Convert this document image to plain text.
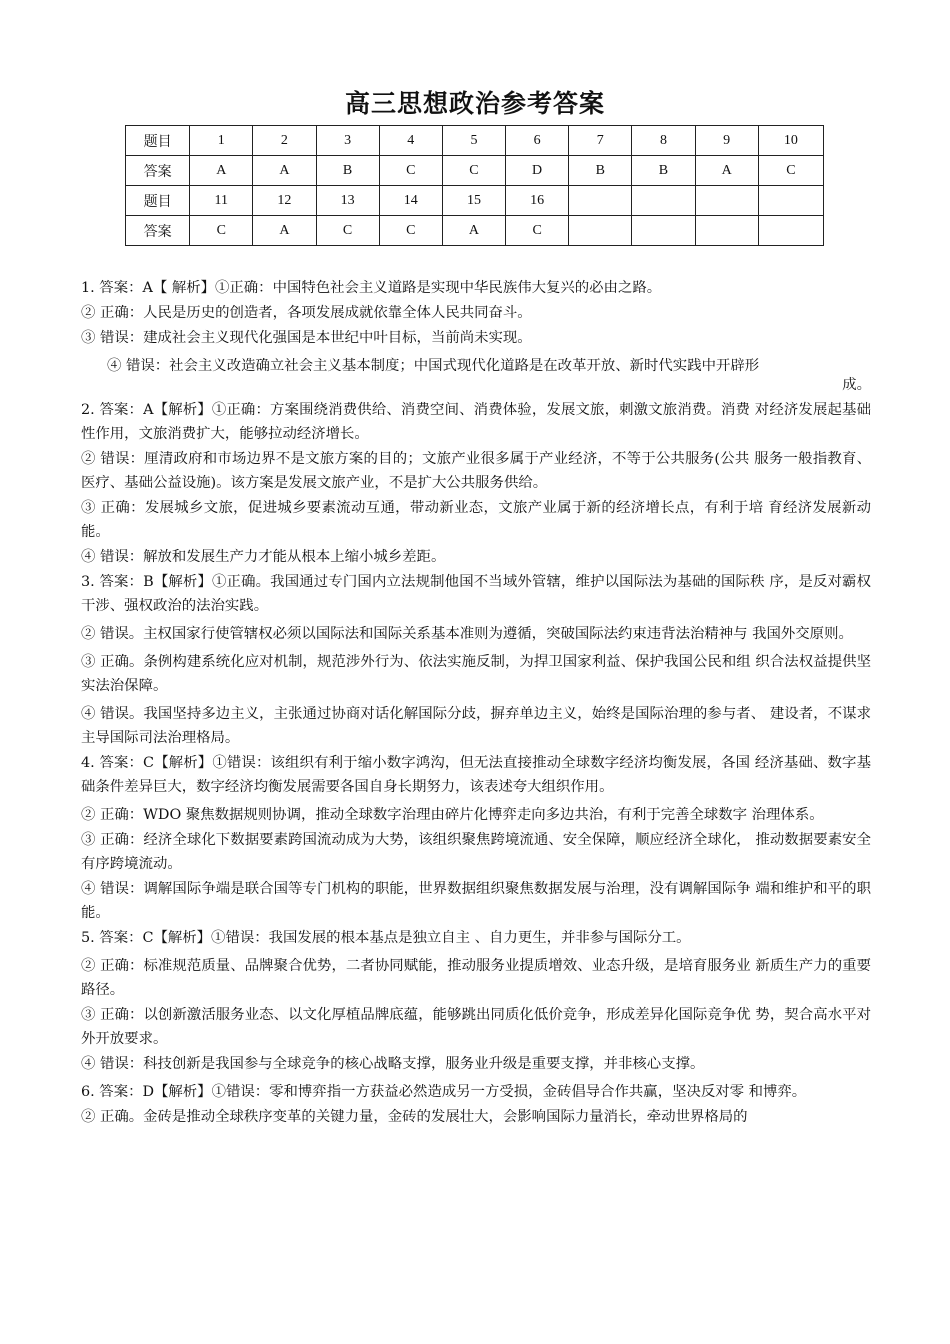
高三思想政治参考答案
题目	1	2	3	4	5	6	7	8	9	10
答案	A	A	B	C	C	D	B	B	A	C
题目	11	12	13	14	15	16				
答案	C	A	C	C	A	C				

1. 答案：A【 解析】①正确：中国特色社会主义道路是实现中华民族伟大复兴的必由之路。

② 正确：人民是历史的创造者，各项发展成就依靠全体人民共同奋斗。

③ 错误：建成社会主义现代化强国是本世纪中叶目标，当前尚未实现。

④ 错误：社会主义改造确立社会主义基本制度；中国式现代化道路是在改革开放、新时代实践中开辟形

成。

2. 答案：A【解析】①正确：方案围绕消费供给、消费空间、消费体验，发展文旅，刺激文旅消费。消费 对经济发展起基础性作用，文旅消费扩大，能够拉动经济增长。

② 错误：厘清政府和市场边界不是文旅方案的目的；文旅产业很多属于产业经济，不等于公共服务(公共 服务一般指教育、医疗、基础公益设施)。该方案是发展文旅产业，不是扩大公共服务供给。

③ 正确：发展城乡文旅，促进城乡要素流动互通，带动新业态，文旅产业属于新的经济增长点，有利于培 育经济发展新动能。

④ 错误：解放和发展生产力才能从根本上缩小城乡差距。

3. 答案：B【解析】①正确。我国通过专门国内立法规制他国不当域外管辖，维护以国际法为基础的国际秩 序，是反对霸权干涉、强权政治的法治实践。

② 错误。主权国家行使管辖权必须以国际法和国际关系基本准则为遵循，突破国际法约束违背法治精神与 我国外交原则。

③ 正确。条例构建系统化应对机制，规范涉外行为、依法实施反制，为捍卫国家利益、保护我国公民和组 织合法权益提供坚实法治保障。

④ 错误。我国坚持多边主义，主张通过协商对话化解国际分歧，摒弃单边主义，始终是国际治理的参与者、 建设者，不谋求主导国际司法治理格局。

4. 答案：C【解析】①错误：该组织有利于缩小数字鸿沟，但无法直接推动全球数字经济均衡发展，各国 经济基础、数字基础条件差异巨大，数字经济均衡发展需要各国自身长期努力，该表述夸大组织作用。

② 正确：WDO 聚焦数据规则协调，推动全球数字治理由碎片化博弈走向多边共治，有利于完善全球数字 治理体系。

③ 正确：经济全球化下数据要素跨国流动成为大势，该组织聚焦跨境流通、安全保障，顺应经济全球化， 推动数据要素安全有序跨境流动。

④ 错误：调解国际争端是联合国等专门机构的职能，世界数据组织聚焦数据发展与治理，没有调解国际争 端和维护和平的职能。

5. 答案：C【解析】①错误：我国发展的根本基点是独立自主 、自力更生，并非参与国际分工。

② 正确：标准规范质量、品牌聚合优势，二者协同赋能，推动服务业提质增效、业态升级，是培育服务业 新质生产力的重要路径。

③ 正确：以创新激活服务业态、以文化厚植品牌底蕴，能够跳出同质化低价竞争，形成差异化国际竞争优 势，契合高水平对外开放要求。

④ 错误：科技创新是我国参与全球竞争的核心战略支撑，服务业升级是重要支撑，并非核心支撑。

6. 答案：D【解析】①错误：零和博弈指一方获益必然造成另一方受损，金砖倡导合作共赢，坚决反对零 和博弈。

② 正确。金砖是推动全球秩序变革的关键力量，金砖的发展壮大，会影响国际力量消长，牵动世界格局的
